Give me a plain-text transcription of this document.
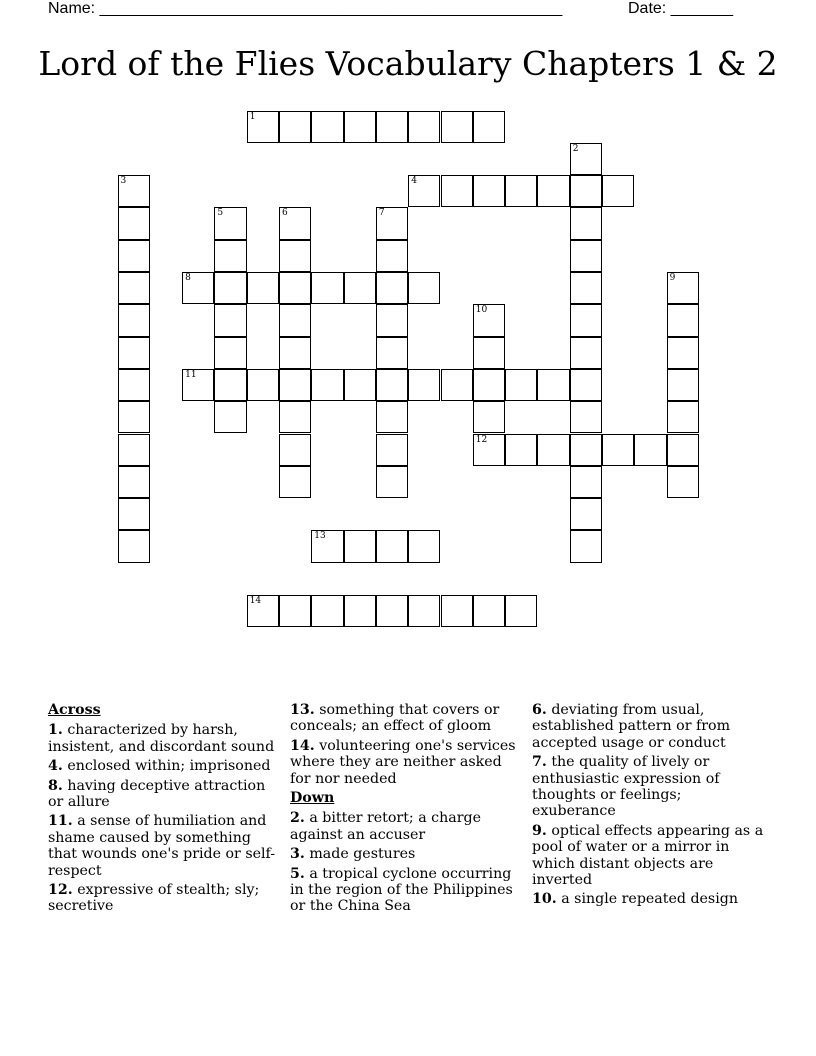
Name: ____________________________________________________	Date: _______
Lord of the Flies Vocabulary Chapters 1 & 2
1
2
3	4
5	6	7
8	9
10
12
11
13
14
Across
1. characterized by harsh, insistent, and discordant sound
4. enclosed within; imprisoned
8. having deceptive attraction or allure
11. a sense of humiliation and shame caused by something that wounds one's pride or self-respect
12. expressive of stealth; sly; secretive
13. something that covers or conceals; an effect of gloom
14. volunteering one's services where they are neither asked for nor needed
Down
2. a bitter retort; a charge against an accuser
3. made gestures
5. a tropical cyclone occurring in the region of the Philippines or the China Sea
6. deviating from usual, established pattern or from accepted usage or conduct
7. the quality of lively or enthusiastic expression of thoughts or feelings; exuberance
9. optical effects appearing as a pool of water or a mirror in which distant objects are inverted
10. a single repeated design
